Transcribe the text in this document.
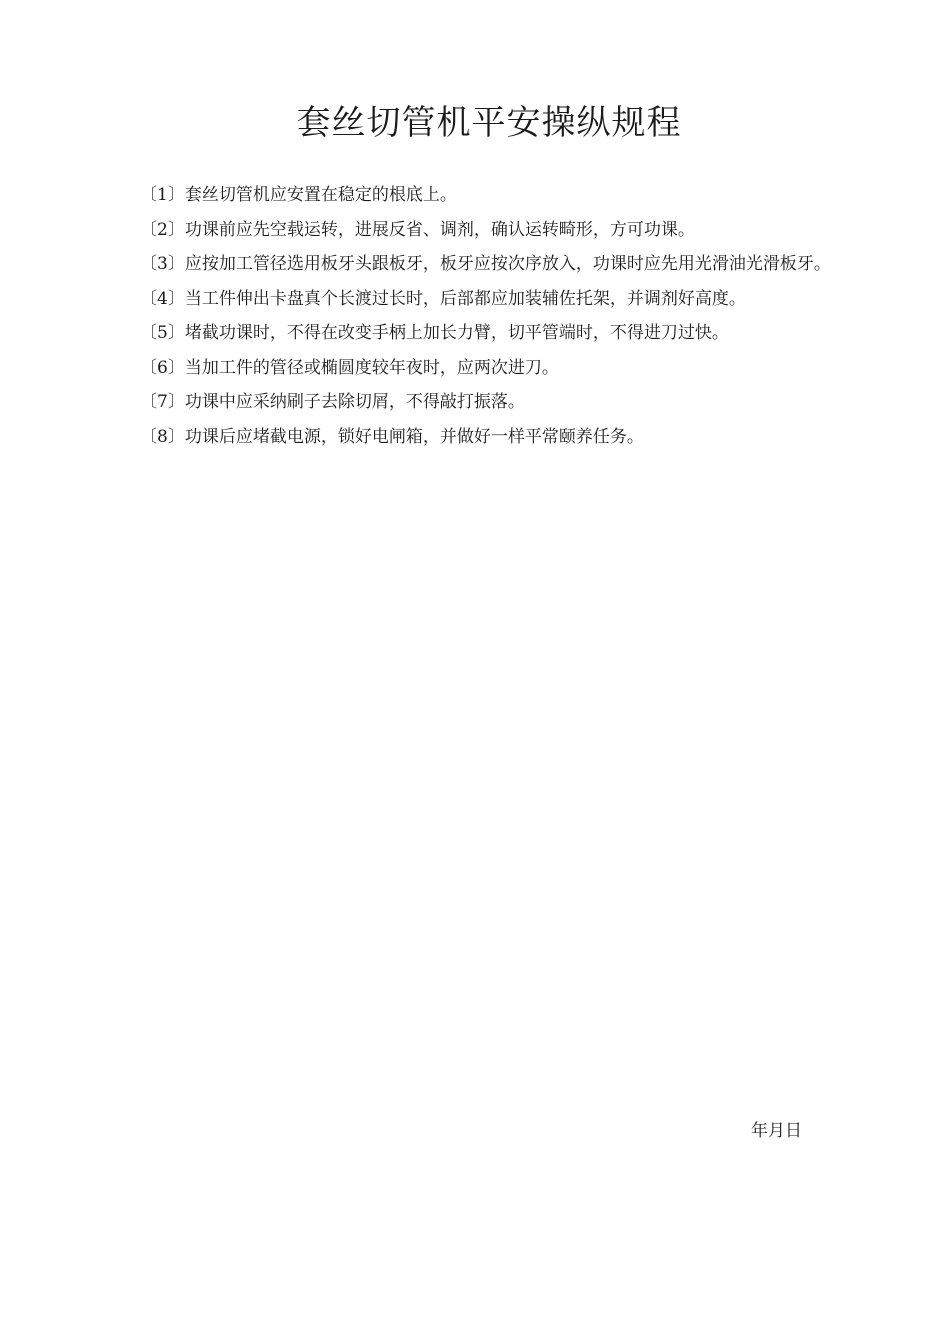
套丝切管机平安操纵规程
〔1〕套丝切管机应安置在稳定的根底上。
〔2〕功课前应先空载运转，进展反省、调剂，确认运转畸形，方可功课。
〔3〕应按加工管径选用板牙头跟板牙，板牙应按次序放入，功课时应先用光滑油光滑板牙。
〔4〕当工件伸出卡盘真个长渡过长时，后部都应加装辅佐托架，并调剂好高度。
〔5〕堵截功课时，不得在改变手柄上加长力臂，切平管端时，不得进刀过快。
〔6〕当加工件的管径或椭圆度较年夜时，应两次进刀。
〔7〕功课中应采纳刷子去除切屑，不得敲打振落。
〔8〕功课后应堵截电源，锁好电闸箱，并做好一样平常颐养任务。

年月日
